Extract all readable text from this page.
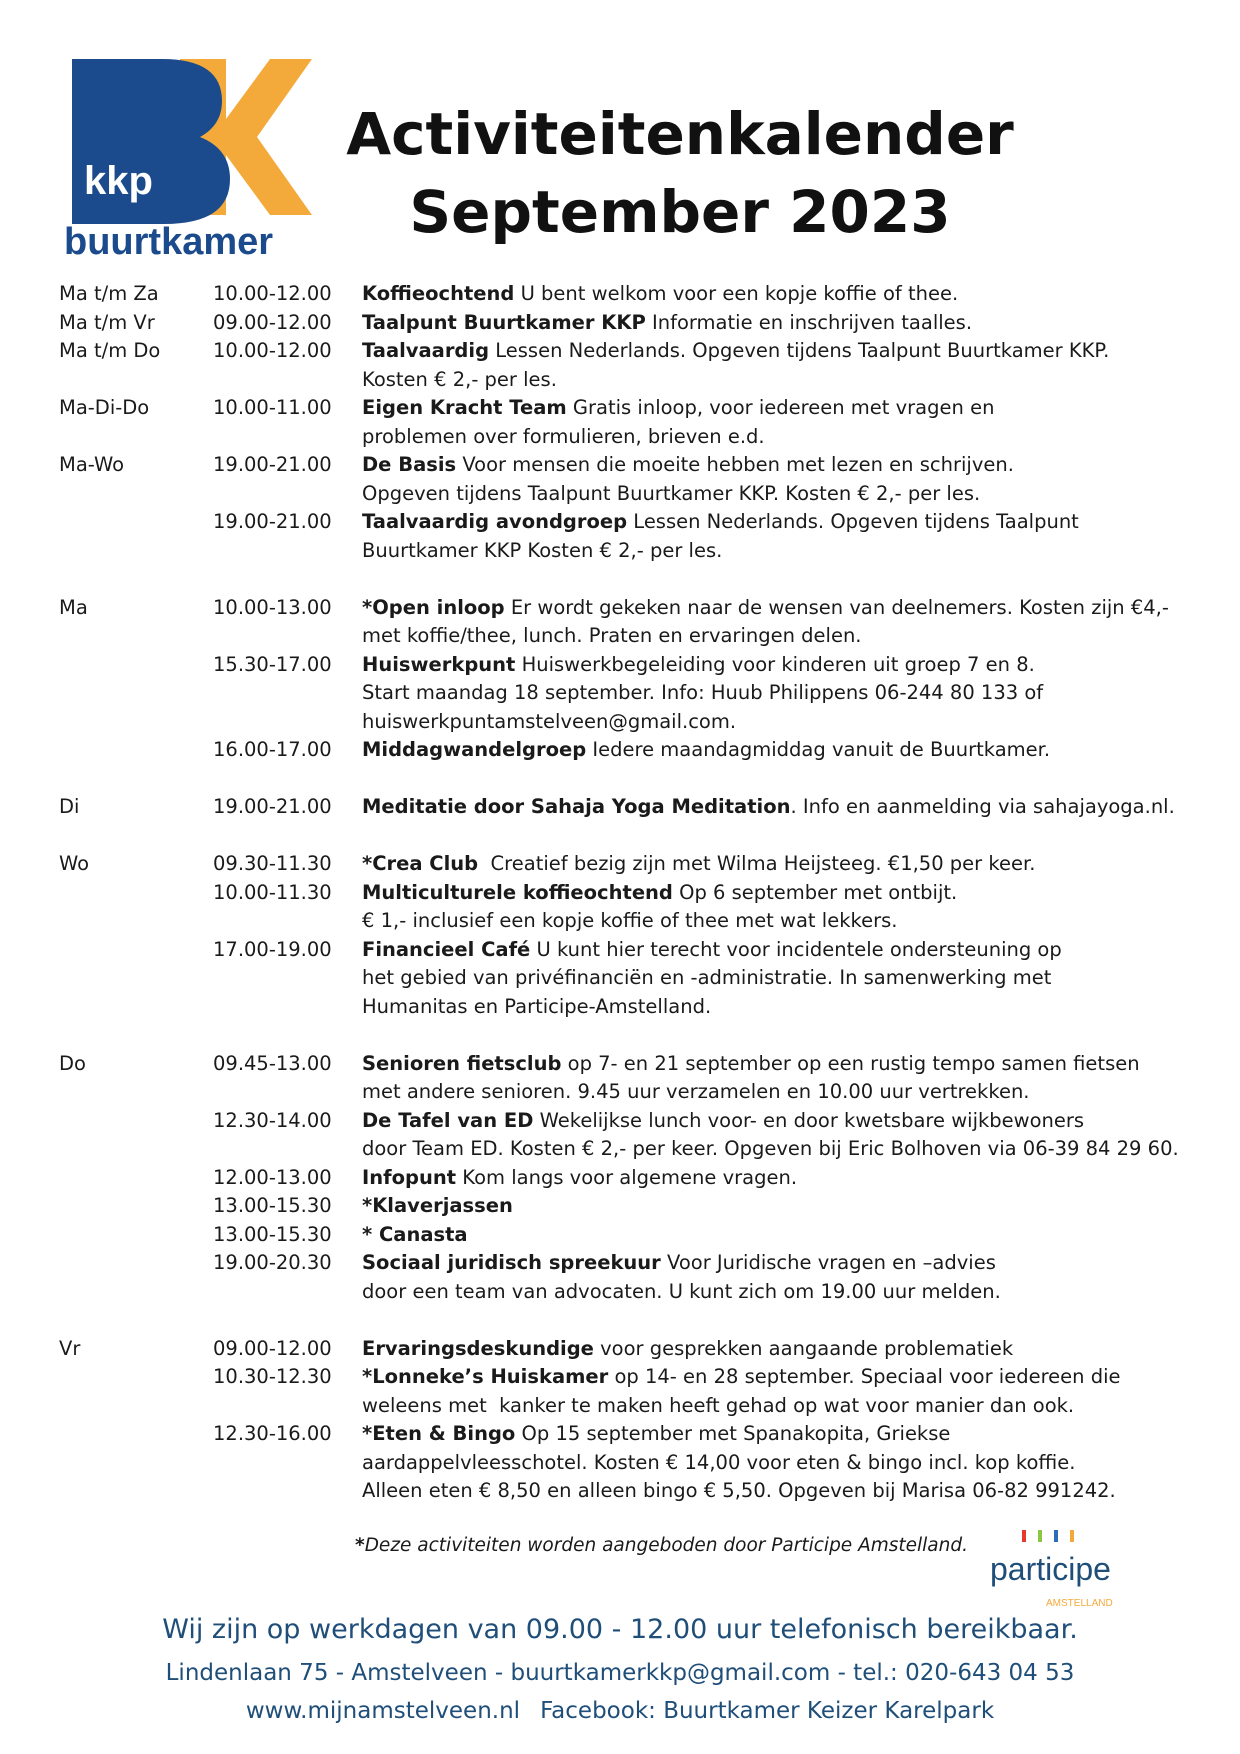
kkp
buurtkamer
Activiteitenkalender
September 2023
Ma t/m Za	10.00-12.00 Koffieochtend U bent welkom voor een kopje koffie of thee.
Ma t/m Vr	09.00-12.00 Taalpunt Buurtkamer KKP Informatie en inschrijven taalles.
Ma t/m Do	10.00-12.00 Taalvaardig Lessen Nederlands. Opgeven tijdens Taalpunt Buurtkamer KKP.
Kosten € 2,- per les.
Ma-Di-Do	10.00-11.00 Eigen Kracht Team Gratis inloop, voor iedereen met vragen en
problemen over formulieren, brieven e.d.
Ma-Wo	19.00-21.00 De Basis Voor mensen die moeite hebben met lezen en schrijven.
Opgeven tijdens Taalpunt Buurtkamer KKP. Kosten € 2,- per les.
19.00-21.00 Taalvaardig avondgroep Lessen Nederlands. Opgeven tijdens Taalpunt
Buurtkamer KKP Kosten € 2,- per les.
Ma	10.00-13.00 *Open inloop Er wordt gekeken naar de wensen van deelnemers. Kosten zijn €4,-
met koffie/thee, lunch. Praten en ervaringen delen.
15.30-17.00 Huiswerkpunt Huiswerkbegeleiding voor kinderen uit groep 7 en 8.
Start maandag 18 september. Info: Huub Philippens 06-244 80 133 of
huiswerkpuntamstelveen@gmail.com.
16.00-17.00 Middagwandelgroep Iedere maandagmiddag vanuit de Buurtkamer.
Di	19.00-21.00 Meditatie door Sahaja Yoga Meditation. Info en aanmelding via sahajayoga.nl.
Wo	09.30-11.30 *Crea Club  Creatief bezig zijn met Wilma Heijsteeg. €1,50 per keer.
10.00-11.30 Multiculturele koffieochtend Op 6 september met ontbijt.
€ 1,- inclusief een kopje koffie of thee met wat lekkers.
17.00-19.00 Financieel Café U kunt hier terecht voor incidentele ondersteuning op
het gebied van privéfinanciën en -administratie. In samenwerking met
Humanitas en Participe-Amstelland.
Do	09.45-13.00 Senioren fietsclub op 7- en 21 september op een rustig tempo samen fietsen
met andere senioren. 9.45 uur verzamelen en 10.00 uur vertrekken.
12.30-14.00 De Tafel van ED Wekelijkse lunch voor- en door kwetsbare wijkbewoners
door Team ED. Kosten € 2,- per keer. Opgeven bij Eric Bolhoven via 06-39 84 29 60.
12.00-13.00 Infopunt Kom langs voor algemene vragen.
13.00-15.30 *Klaverjassen
13.00-15.30 * Canasta
19.00-20.30 Sociaal juridisch spreekuur Voor Juridische vragen en –advies
door een team van advocaten. U kunt zich om 19.00 uur melden.
Vr	09.00-12.00 Ervaringsdeskundige voor gesprekken aangaande problematiek
10.30-12.30 *Lonneke’s Huiskamer op 14- en 28 september. Speciaal voor iedereen die
weleens met  kanker te maken heeft gehad op wat voor manier dan ook.
12.30-16.00 *Eten & Bingo Op 15 september met Spanakopita, Griekse
aardappelvleesschotel. Kosten € 14,00 voor eten & bingo incl. kop koffie.
Alleen eten € 8,50 en alleen bingo € 5,50. Opgeven bij Marisa 06-82 991242.
*Deze activiteiten worden aangeboden door Participe Amstelland.
participe
AMSTELLAND
Wij zijn op werkdagen van 09.00 - 12.00 uur telefonisch bereikbaar.
Lindenlaan 75 - Amstelveen - buurtkamerkkp@gmail.com - tel.: 020-643 04 53
www.mijnamstelveen.nl Facebook: Buurtkamer Keizer Karelpark
